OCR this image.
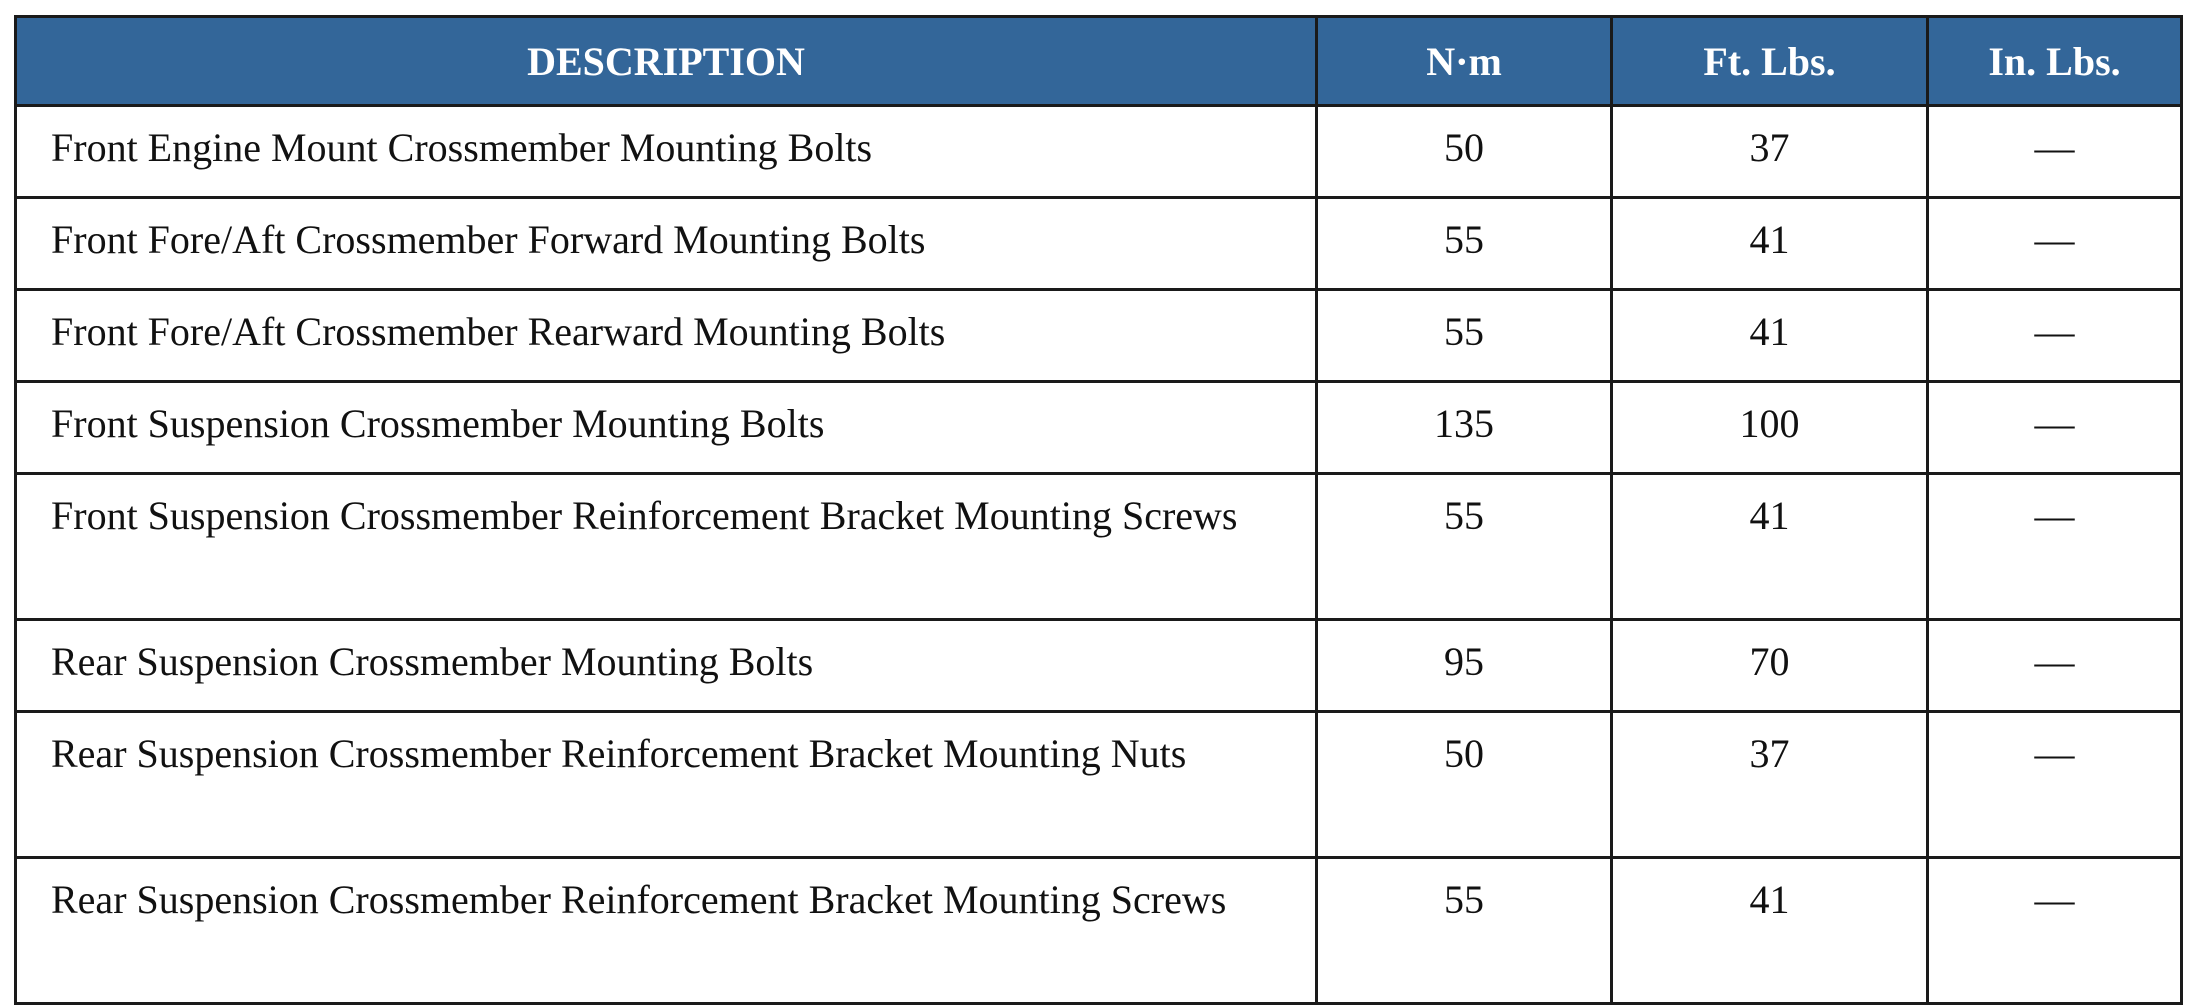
DESCRIPTION	N·m	Ft. Lbs.	In. Lbs.
Front Engine Mount Crossmember Mounting Bolts	50	37	—
Front Fore/Aft Crossmember Forward Mounting Bolts	55	41	—
Front Fore/Aft Crossmember Rearward Mounting Bolts	55	41	—
Front Suspension Crossmember Mounting Bolts	135	100	—
Front Suspension Crossmember Reinforcement Bracket Mounting Screws	55	41	—
Rear Suspension Crossmember Mounting Bolts	95	70	—
Rear Suspension Crossmember Reinforcement Bracket Mounting Nuts	50	37	—
Rear Suspension Crossmember Reinforcement Bracket Mounting Screws	55	41	—
